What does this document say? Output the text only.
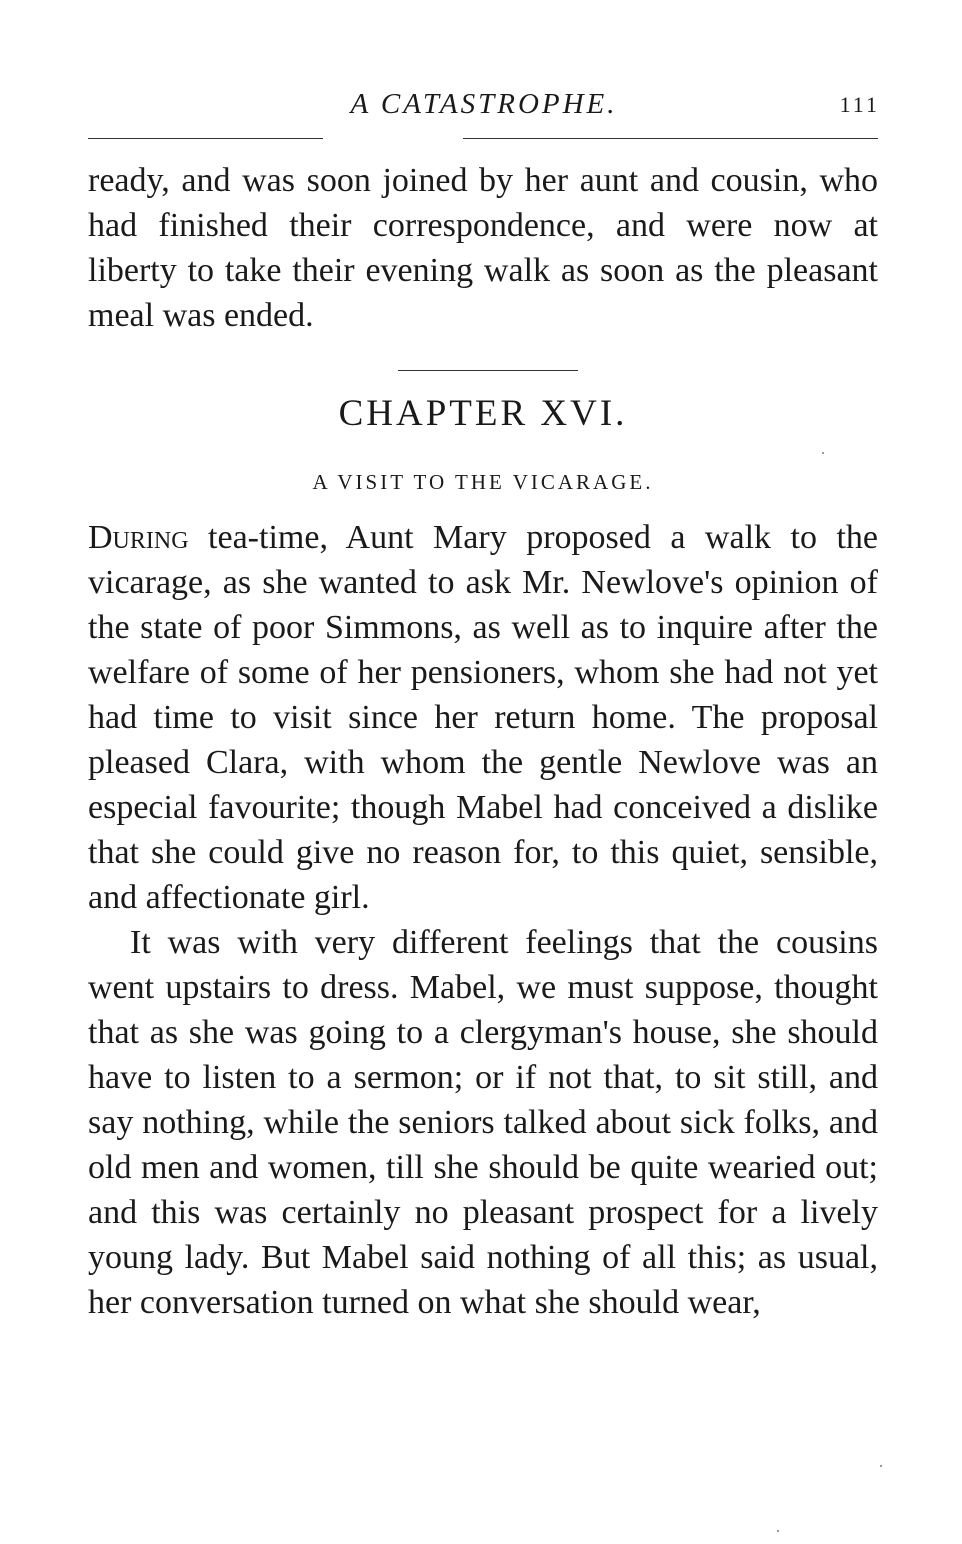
A CATASTROPHE.	111

ready, and was soon joined by her aunt and cousin, who had finished their correspondence, and were now at liberty to take their evening walk as soon as the pleasant meal was ended.

CHAPTER XVI.
A VISIT TO THE VICARAGE.

During tea-time, Aunt Mary proposed a walk to the vicarage, as she wanted to ask Mr. Newlove's opinion of the state of poor Simmons, as well as to inquire after the welfare of some of her pensioners, whom she had not yet had time to visit since her return home. The proposal pleased Clara, with whom the gentle Newlove was an especial favourite; though Mabel had conceived a dislike that she could give no reason for, to this quiet, sensible, and affectionate girl.

It was with very different feelings that the cousins went upstairs to dress. Mabel, we must suppose, thought that as she was going to a clergyman's house, she should have to listen to a sermon; or if not that, to sit still, and say nothing, while the seniors talked about sick folks, and old men and women, till she should be quite wearied out; and this was certainly no pleasant prospect for a lively young lady. But Mabel said nothing of all this; as usual, her conversation turned on what she should wear,
